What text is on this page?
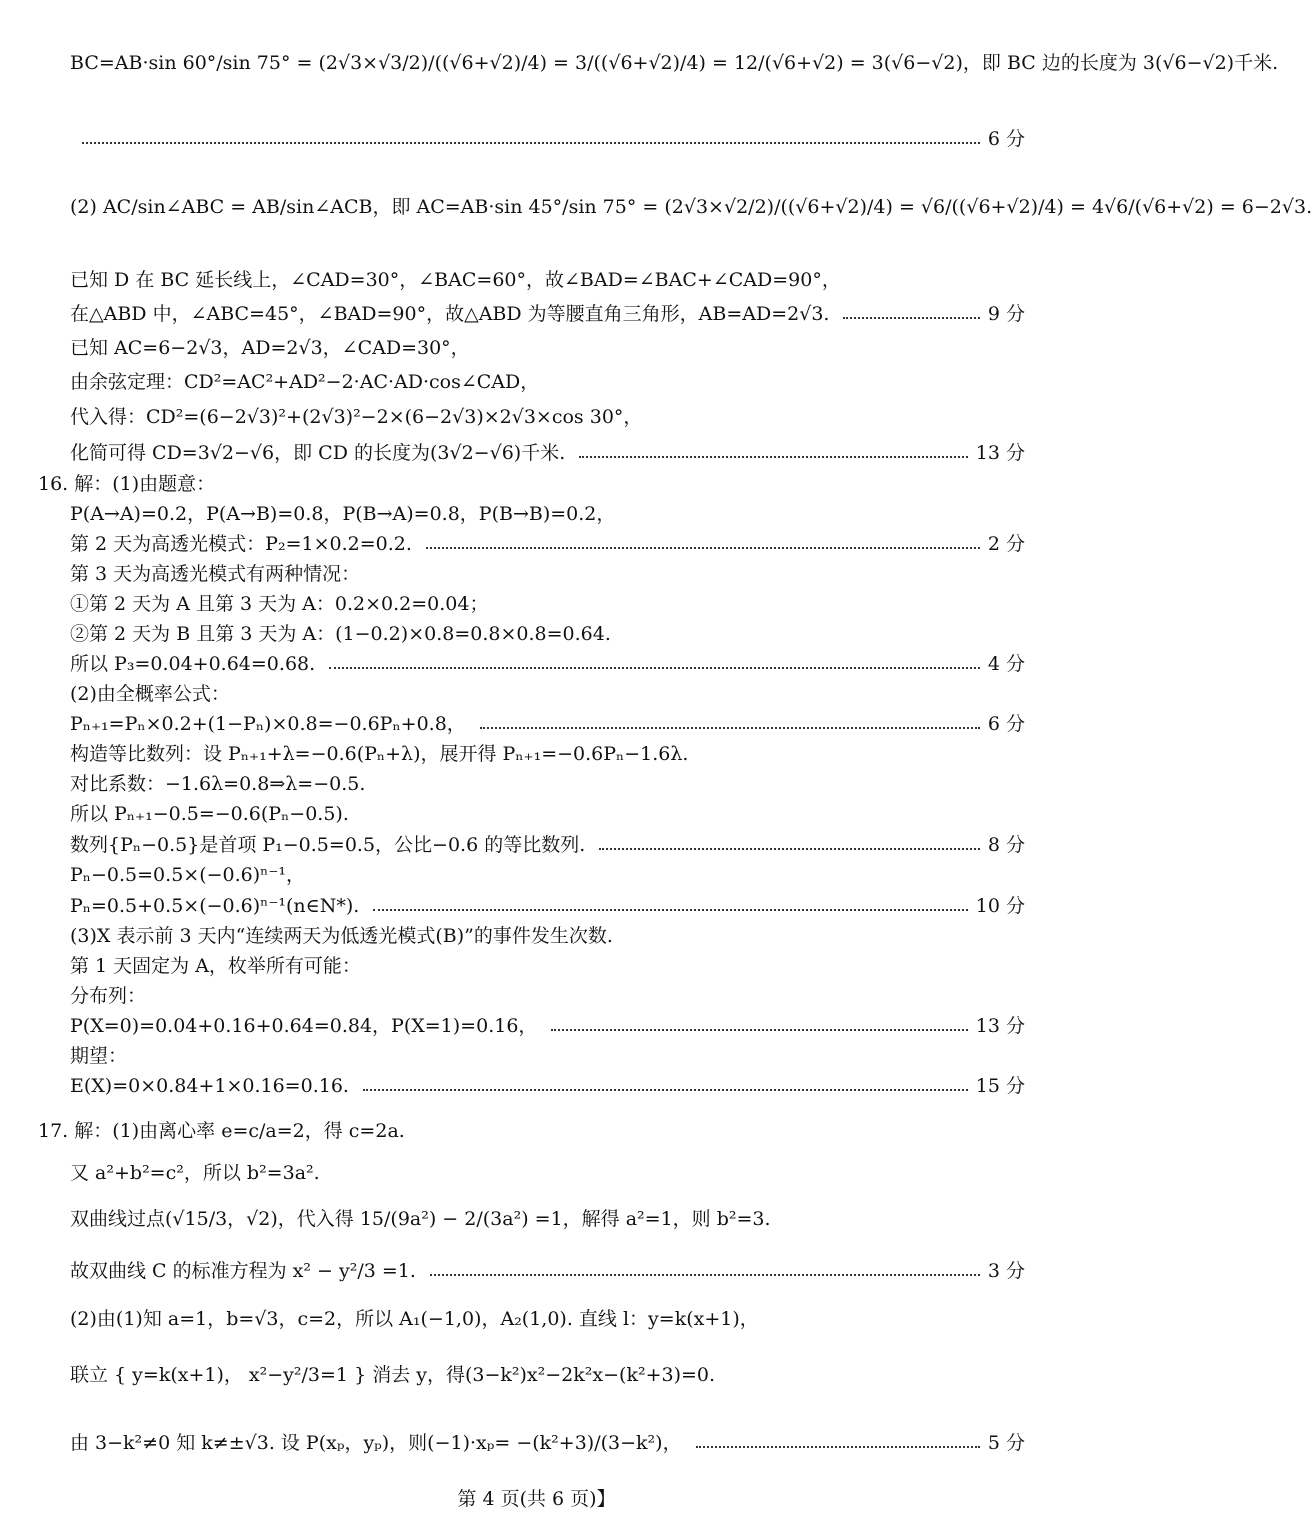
BC=AB·sin 60°/sin 75° = (2√3×√3/2)/((√6+√2)/4) = 3/((√6+√2)/4) = 12/(√6+√2) = 3(√6−√2)，即 BC 边的长度为 3(√6−√2)千米.
6 分
(2) AC/sin∠ABC = AB/sin∠ACB，即 AC=AB·sin 45°/sin 75° = (2√3×√2/2)/((√6+√2)/4) = √6/((√6+√2)/4) = 4√6/(√6+√2) = 6−2√3.
已知 D 在 BC 延长线上，∠CAD=30°，∠BAC=60°，故∠BAD=∠BAC+∠CAD=90°，
在△ABD 中，∠ABC=45°，∠BAD=90°，故△ABD 为等腰直角三角形，AB=AD=2√3.	9 分
已知 AC=6−2√3，AD=2√3，∠CAD=30°，
由余弦定理：CD²=AC²+AD²−2·AC·AD·cos∠CAD，
代入得：CD²=(6−2√3)²+(2√3)²−2×(6−2√3)×2√3×cos 30°，
化简可得 CD=3√2−√6，即 CD 的长度为(3√2−√6)千米.	13 分
16. 解：(1)由题意：
P(A→A)=0.2，P(A→B)=0.8，P(B→A)=0.8，P(B→B)=0.2，
第 2 天为高透光模式：P₂=1×0.2=0.2.	2 分
第 3 天为高透光模式有两种情况：
①第 2 天为 A 且第 3 天为 A：0.2×0.2=0.04；
②第 2 天为 B 且第 3 天为 A：(1−0.2)×0.8=0.8×0.8=0.64.
所以 P₃=0.04+0.64=0.68.	4 分
(2)由全概率公式：
Pₙ₊₁=Pₙ×0.2+(1−Pₙ)×0.8=−0.6Pₙ+0.8，	6 分
构造等比数列：设 Pₙ₊₁+λ=−0.6(Pₙ+λ)，展开得 Pₙ₊₁=−0.6Pₙ−1.6λ.
对比系数：−1.6λ=0.8⇒λ=−0.5.
所以 Pₙ₊₁−0.5=−0.6(Pₙ−0.5).
数列{Pₙ−0.5}是首项 P₁−0.5=0.5，公比−0.6 的等比数列.	8 分
Pₙ−0.5=0.5×(−0.6)ⁿ⁻¹，
Pₙ=0.5+0.5×(−0.6)ⁿ⁻¹(n∈N*).	10 分
(3)X 表示前 3 天内“连续两天为低透光模式(B)”的事件发生次数.
第 1 天固定为 A，枚举所有可能：
分布列：
P(X=0)=0.04+0.16+0.64=0.84，P(X=1)=0.16，	13 分
期望：
E(X)=0×0.84+1×0.16=0.16.	15 分
17. 解：(1)由离心率 e=c/a=2，得 c=2a.
又 a²+b²=c²，所以 b²=3a².
双曲线过点(√15/3，√2)，代入得 15/(9a²) − 2/(3a²) =1，解得 a²=1，则 b²=3.
故双曲线 C 的标准方程为 x² − y²/3 =1.	3 分
(2)由(1)知 a=1，b=√3，c=2，所以 A₁(−1,0)，A₂(1,0). 直线 l：y=k(x+1)，
联立 { y=k(x+1)， x²−y²/3=1 } 消去 y，得(3−k²)x²−2k²x−(k²+3)=0.
由 3−k²≠0 知 k≠±√3. 设 P(xₚ，yₚ)，则(−1)·xₚ= −(k²+3)/(3−k²)，	5 分
第 4 页(共 6 页)】
